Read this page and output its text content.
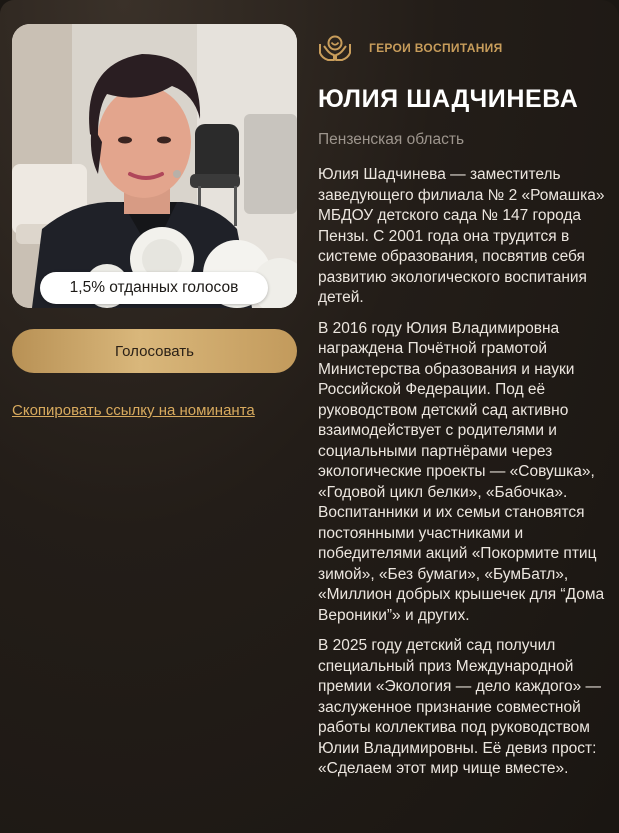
1,5% отданных голосов
Голосовать
Скопировать ссылку на номинанта
ГЕРОИ ВОСПИТАНИЯ
ЮЛИЯ ШАДЧИНЕВА
Пензенская область

Юлия Шадчинева — заместитель заведующего филиала № 2 «Ромашка» МБДОУ детского сада № 147 города Пензы. С 2001 года она трудится в системе образования, посвятив себя развитию экологического воспитания детей.

В 2016 году Юлия Владимировна награждена Почётной грамотой Министерства образования и науки Российской Федерации. Под её руководством детский сад активно взаимодействует с родителями и социальными партнёрами через экологические проекты — «Совушка», «Годовой цикл белки», «Бабочка». Воспитанники и их семьи становятся постоянными участниками и победителями акций «Покормите птиц зимой», «Без бумаги», «БумБатл», «Миллион добрых крышечек для “Дома Вероники”» и других.

В 2025 году детский сад получил специальный приз Международной премии «Экология — дело каждого» — заслуженное признание совместной работы коллектива под руководством Юлии Владимировны. Её девиз прост: «Сделаем этот мир чище вместе».
